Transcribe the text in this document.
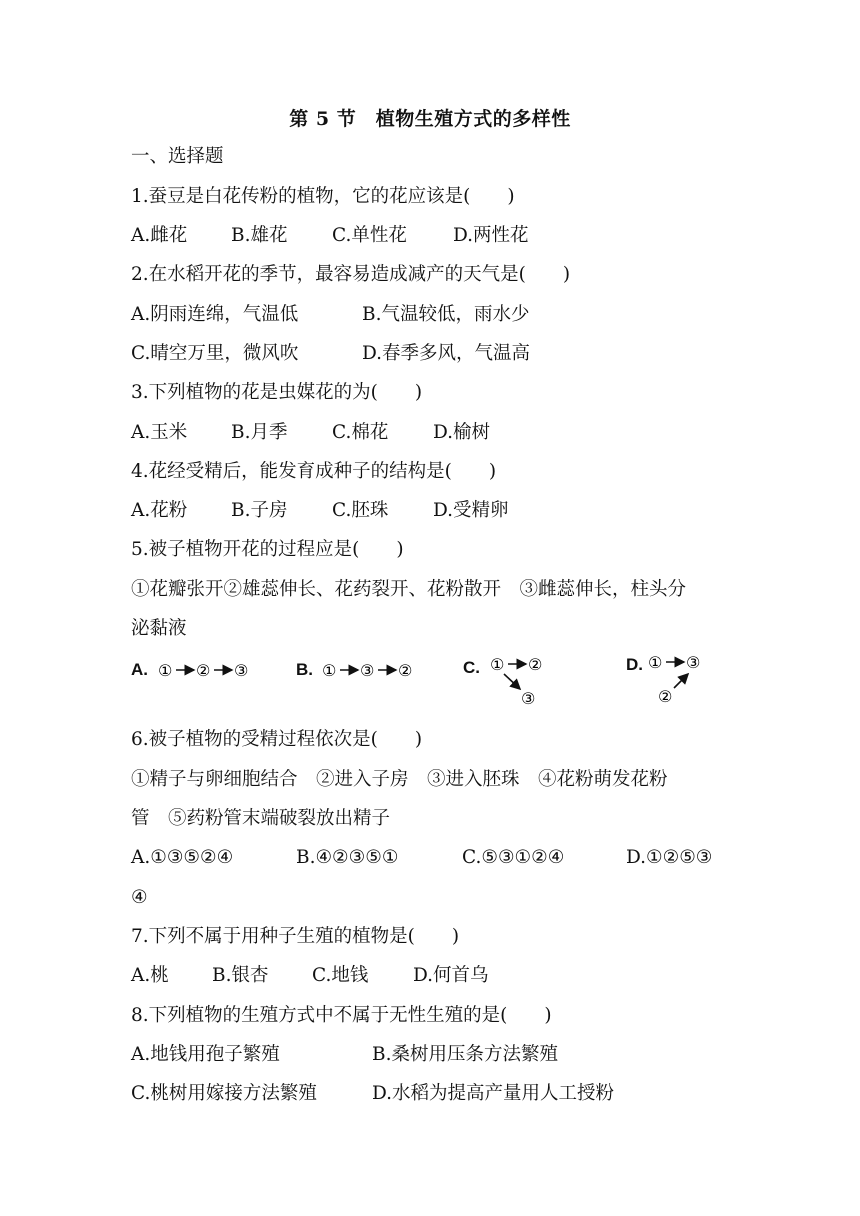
第 5 节　植物生殖方式的多样性
一、选择题
1.蚕豆是白花传粉的植物，它的花应该是(　　)
A.雌花 B.雄花 C.单性花 D.两性花
2.在水稻开花的季节，最容易造成减产的天气是(　　)
A.阴雨连绵，气温低	B.气温较低，雨水少
C.晴空万里，微风吹	D.春季多风，气温高
3.下列植物的花是虫媒花的为(　　)
A.玉米 B.月季 C.棉花 D.榆树
4.花经受精后，能发育成种子的结构是(　　)
A.花粉 B.子房 C.胚珠 D.受精卵
5.被子植物开花的过程应是(　　)
①花瓣张开②雄蕊伸长、花药裂开、花粉散开　③雌蕊伸长，柱头分
泌黏液
A. ① ② ③	B. ① ③ ②	C. ① ②
③
D. ① ③
②
6.被子植物的受精过程依次是(　　)
①精子与卵细胞结合　②进入子房　③进入胚珠　④花粉萌发花粉
管　⑤药粉管末端破裂放出精子
A.①③⑤②④	B.④②③⑤①	C.⑤③①②④	D.①②⑤③
④
7.下列不属于用种子生殖的植物是(　　)
A.桃 B.银杏 C.地钱 D.何首乌
8.下列植物的生殖方式中不属于无性生殖的是(　　)
A.地钱用孢子繁殖	B.桑树用压条方法繁殖
C.桃树用嫁接方法繁殖	D.水稻为提高产量用人工授粉
